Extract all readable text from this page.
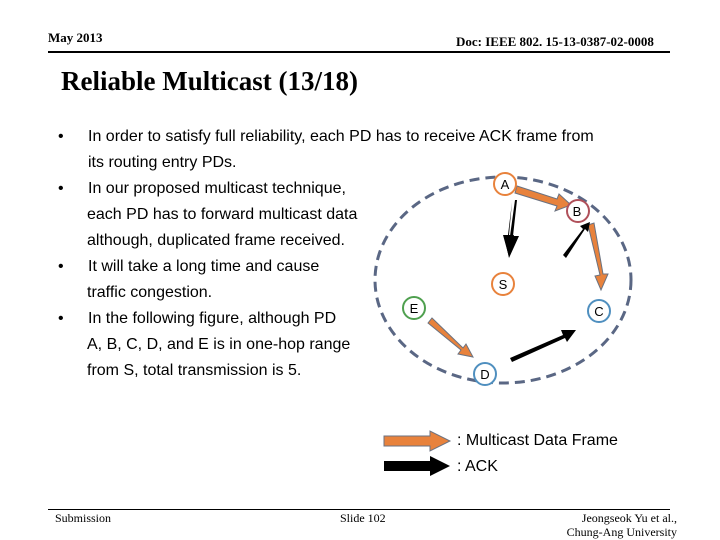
May 2013	Doc: IEEE 802. 15-13-0387-02-0008
Reliable Multicast (13/18)
•	In order to satisfy full reliability, each PD has to receive ACK frame from
its routing entry PDs.
•	In our proposed multicast technique,
each PD has to forward multicast data
although, duplicated frame received.
•	It will take a long time and cause
traffic congestion.
•	In the following figure, although PD
A, B, C, D, and E is in one-hop range
from S, total transmission is 5.
A
B
S
E	C
D
: Multicast Data Frame
: ACK
Submission	Slide 102	Jeongseok Yu et al.,
Chung-Ang University
